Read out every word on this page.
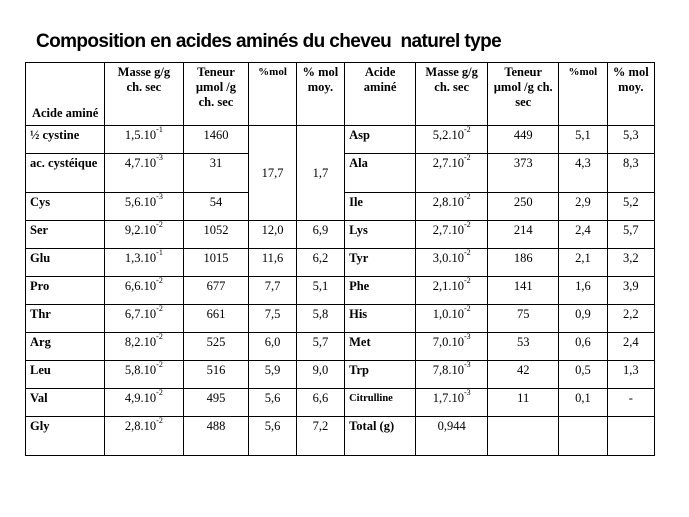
Composition en acides aminés du cheveu  naturel type
Acide aminé	Masse g/g ch. sec	Teneur µmol /g ch. sec	%mol	% mol moy.	Acide aminé	Masse g/g ch. sec	Teneur µmol /g ch. sec	%mol	% mol moy.
½ cystine	$1,5.10^{-1}$	1460	17,7	1,7	Asp	$5,2.10^{-2}$	449	5,1	5,3
ac. cystéique	$4,7.10^{-3}$	31			Ala	$2,7.10^{-2}$	373	4,3	8,3
Cys	$5,6.10^{-3}$	54			Ile	$2,8.10^{-2}$	250	2,9	5,2
Ser	$9,2.10^{-2}$	1052	12,0	6,9	Lys	$2,7.10^{-2}$	214	2,4	5,7
Glu	$1,3.10^{-1}$	1015	11,6	6,2	Tyr	$3,0.10^{-2}$	186	2,1	3,2
Pro	$6,6.10^{-2}$	677	7,7	5,1	Phe	$2,1.10^{-2}$	141	1,6	3,9
Thr	$6,7.10^{-2}$	661	7,5	5,8	His	$1,0.10^{-2}$	75	0,9	2,2
Arg	$8,2.10^{-2}$	525	6,0	5,7	Met	$7,0.10^{-3}$	53	0,6	2,4
Leu	$5,8.10^{-2}$	516	5,9	9,0	Trp	$7,8.10^{-3}$	42	0,5	1,3
Val	$4,9.10^{-2}$	495	5,6	6,6	Citrulline	$1,7.10^{-3}$	11	0,1	-
Gly	$2,8.10^{-2}$	488	5,6	7,2	Total (g)	0,944			
